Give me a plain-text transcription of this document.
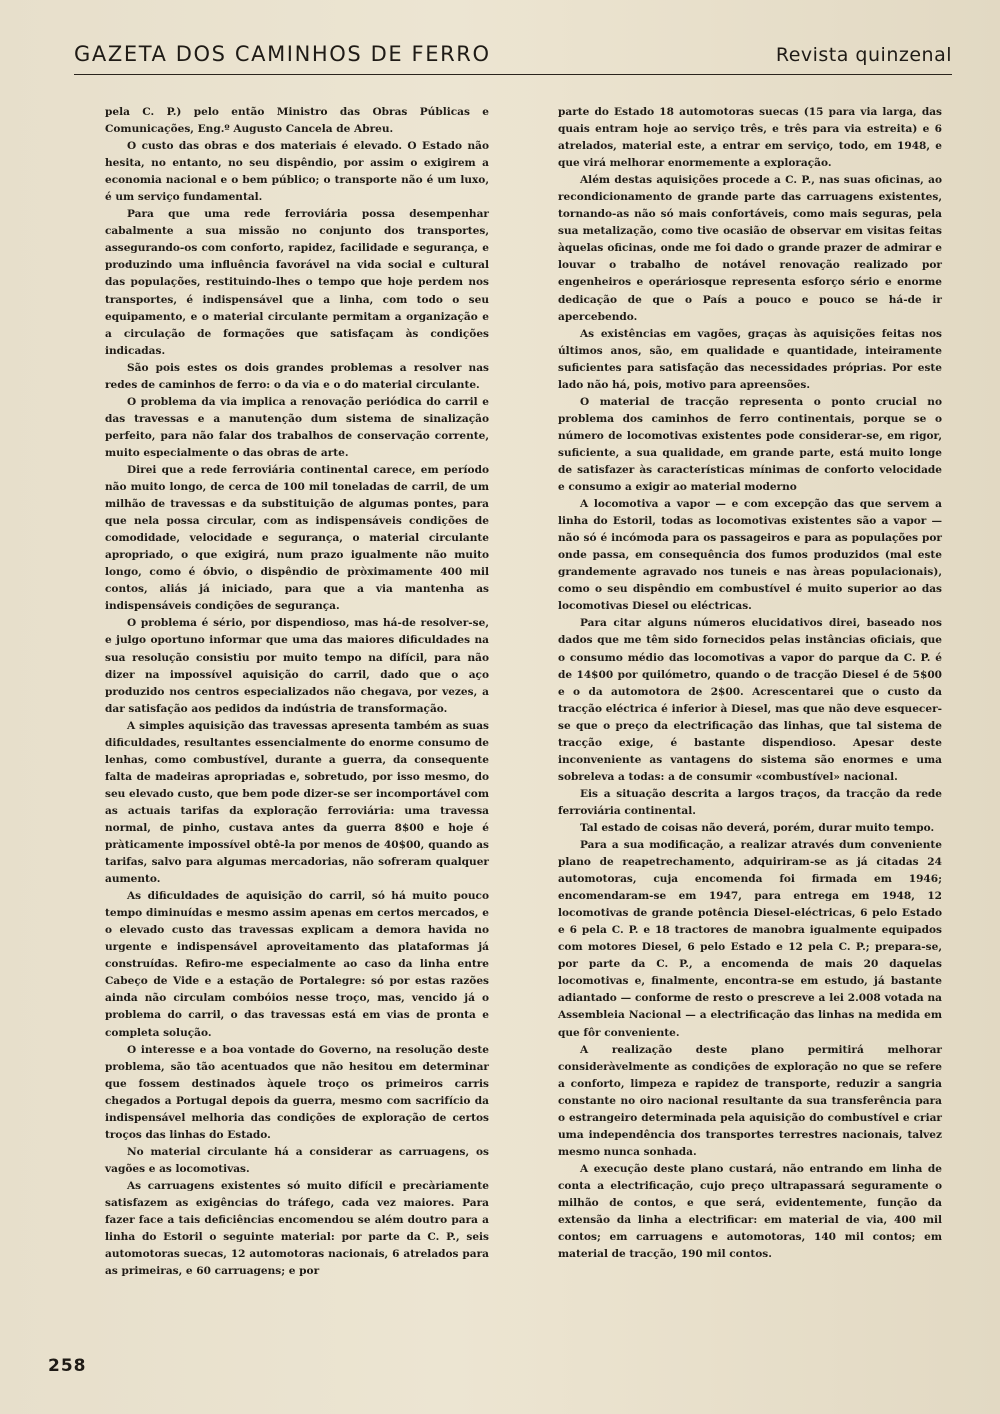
GAZETA DOS CAMINHOS DE FERRO	Revista quinzenal

pela C. P.) pelo então Ministro das Obras Públicas e Comunicações, Eng.º Augusto Cancela de Abreu.

O custo das obras e dos materiais é elevado. O Estado não hesita, no entanto, no seu dispêndio, por assim o exigirem a economia nacional e o bem público; o transporte não é um luxo, é um serviço fundamental.

Para que uma rede ferroviária possa desempenhar cabalmente a sua missão no conjunto dos transportes, assegurando-os com conforto, rapidez, facilidade e segurança, e produzindo uma influência favorável na vida social e cultural das populações, restituindo-lhes o tempo que hoje perdem nos transportes, é indispensável que a linha, com todo o seu equipamento, e o material circulante permitam a organização e a circulação de formações que satisfaçam às condições indicadas.

São pois estes os dois grandes problemas a resolver nas redes de caminhos de ferro: o da via e o do material circulante.

O problema da via implica a renovação periódica do carril e das travessas e a manutenção dum sistema de sinalização perfeito, para não falar dos trabalhos de conservação corrente, muito especialmente o das obras de arte.

Direi que a rede ferroviária continental carece, em período não muito longo, de cerca de 100 mil toneladas de carril, de um milhão de travessas e da substituição de algumas pontes, para que nela possa circular, com as indispensáveis condições de comodidade, velocidade e segurança, o material circulante apropriado, o que exigirá, num prazo igualmente não muito longo, como é óbvio, o dispêndio de pròximamente 400 mil contos, aliás já iniciado, para que a via mantenha as indispensáveis condições de segurança.

O problema é sério, por dispendioso, mas há-de resolver-se, e julgo oportuno informar que uma das maiores dificuldades na sua resolução consistiu por muito tempo na difícil, para não dizer na impossível aquisição do carril, dado que o aço produzido nos centros especializados não chegava, por vezes, a dar satisfação aos pedidos da indústria de transformação.

A simples aquisição das travessas apresenta também as suas dificuldades, resultantes essencialmente do enorme consumo de lenhas, como combustível, durante a guerra, da consequente falta de madeiras apropriadas e, sobretudo, por isso mesmo, do seu elevado custo, que bem pode dizer-se ser incomportável com as actuais tarifas da exploração ferroviária: uma travessa normal, de pinho, custava antes da guerra 8$00 e hoje é pràticamente impossível obtê-la por menos de 40$00, quando as tarifas, salvo para algumas mercadorias, não sofreram qualquer aumento.

As dificuldades de aquisição do carril, só há muito pouco tempo diminuídas e mesmo assim apenas em certos mercados, e o elevado custo das travessas explicam a demora havida no urgente e indispensável aproveitamento das plataformas já construídas. Refiro-me especialmente ao caso da linha entre Cabeço de Vide e a estação de Portalegre: só por estas razões ainda não circulam combóios nesse troço, mas, vencido já o problema do carril, o das travessas está em vias de pronta e completa solução.

O interesse e a boa vontade do Governo, na resolução deste problema, são tão acentuados que não hesitou em determinar que fossem destinados àquele troço os primeiros carris chegados a Portugal depois da guerra, mesmo com sacrifício da indispensável melhoria das condições de exploração de certos troços das linhas do Estado.

No material circulante há a considerar as carruagens, os vagões e as locomotivas.

As carruagens existentes só muito difícil e precàriamente satisfazem as exigências do tráfego, cada vez maiores. Para fazer face a tais deficiências encomendou se além doutro para a linha do Estoril o seguinte material: por parte da C. P., seis automotoras suecas, 12 automotoras nacionais, 6 atrelados para as primeiras, e 60 carruagens; e por

parte do Estado 18 automotoras suecas (15 para via larga, das quais entram hoje ao serviço três, e três para via estreita) e 6 atrelados, material este, a entrar em serviço, todo, em 1948, e que virá melhorar enormemente a exploração.

Além destas aquisições procede a C. P., nas suas oficinas, ao recondicionamento de grande parte das carruagens existentes, tornando-as não só mais confortáveis, como mais seguras, pela sua metalização, como tive ocasião de observar em visitas feitas àquelas oficinas, onde me foi dado o grande prazer de admirar e louvar o trabalho de notável renovação realizado por engenheiros e operáriosque representa esforço sério e enorme dedicação de que o País a pouco e pouco se há-de ir apercebendo.

As existências em vagões, graças às aquisições feitas nos últimos anos, são, em qualidade e quantidade, inteiramente suficientes para satisfação das necessidades próprias. Por este lado não há, pois, motivo para apreensões.

O material de tracção representa o ponto crucial no problema dos caminhos de ferro continentais, porque se o número de locomotivas existentes pode considerar-se, em rigor, suficiente, a sua qualidade, em grande parte, está muito longe de satisfazer às características mínimas de conforto velocidade e consumo a exigir ao material moderno

A locomotiva a vapor — e com excepção das que servem a linha do Estoril, todas as locomotivas existentes são a vapor — não só é incómoda para os passageiros e para as populações por onde passa, em consequência dos fumos produzidos (mal este grandemente agravado nos tuneis e nas àreas populacionais), como o seu dispêndio em combustível é muito superior ao das locomotivas Diesel ou eléctricas.

Para citar alguns números elucidativos direi, baseado nos dados que me têm sido fornecidos pelas instâncias oficiais, que o consumo médio das locomotivas a vapor do parque da C. P. é de 14$00 por quilómetro, quando o de tracção Diesel é de 5$00 e o da automotora de 2$00. Acrescentarei que o custo da tracção eléctrica é inferior à Diesel, mas que não deve esquecer-se que o preço da electrificação das linhas, que tal sistema de tracção exige, é bastante dispendioso. Apesar deste inconveniente as vantagens do sistema são enormes e uma sobreleva a todas: a de consumir «combustível» nacional.

Eis a situação descrita a largos traços, da tracção da rede ferroviária continental.

Tal estado de coisas não deverá, porém, durar muito tempo.

Para a sua modificação, a realizar através dum conveniente plano de reapetrechamento, adquiriram-se as já citadas 24 automotoras, cuja encomenda foi firmada em 1946; encomendaram-se em 1947, para entrega em 1948, 12 locomotivas de grande potência Diesel-eléctricas, 6 pelo Estado e 6 pela C. P. e 18 tractores de manobra igualmente equipados com motores Diesel, 6 pelo Estado e 12 pela C. P.; prepara-se, por parte da C. P., a encomenda de mais 20 daquelas locomotivas e, finalmente, encontra-se em estudo, já bastante adiantado — conforme de resto o prescreve a lei 2.008 votada na Assembleia Nacional — a electrificação das linhas na medida em que fôr conveniente.

A realização deste plano permitirá melhorar consideràvelmente as condições de exploração no que se refere a conforto, limpeza e rapidez de transporte, reduzir a sangria constante no oiro nacional resultante da sua transferência para o estrangeiro determinada pela aquisição do combustível e criar uma independência dos transportes terrestres nacionais, talvez mesmo nunca sonhada.

A execução deste plano custará, não entrando em linha de conta a electrificação, cujo preço ultrapassará seguramente o milhão de contos, e que será, evidentemente, função da extensão da linha a electrificar: em material de via, 400 mil contos; em carruagens e automotoras, 140 mil contos; em material de tracção, 190 mil contos.

258
